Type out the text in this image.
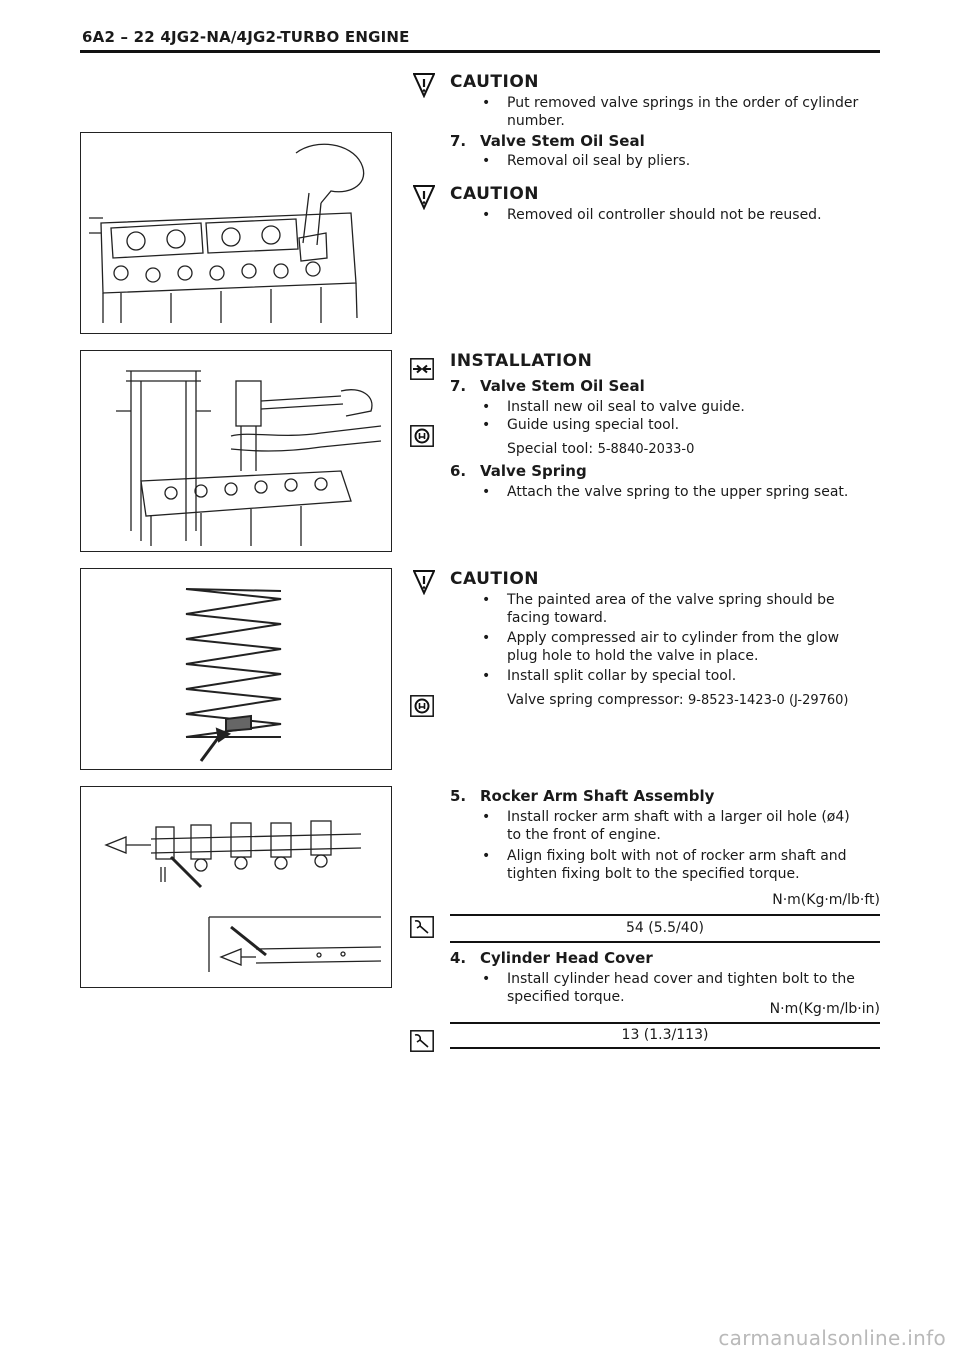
6A2 – 22 4JG2-NA/4JG2-TURBO ENGINE
CAUTION
• Put removed valve springs in the order of cylinder
number.
7. Valve Stem Oil Seal
• Removal oil seal by pliers.
CAUTION
• Removed oil controller should not be reused.
INSTALLATION
7. Valve Stem Oil Seal
• Install new oil seal to valve guide.
• Guide using special tool.
Special tool: 5-8840-2033-0
6. Valve Spring
• Attach the valve spring to the upper spring seat.
CAUTION
• The painted area of the valve spring should be
facing toward.
• Apply compressed air to cylinder from the glow
plug hole to hold the valve in place.
• Install split collar by special tool.
Valve spring compressor: 9-8523-1423-0 (J-29760)
5. Rocker Arm Shaft Assembly
• Install rocker arm shaft with a larger oil hole (ø4)
to the front of engine.
• Align fixing bolt with not of rocker arm shaft and
tighten fixing bolt to the specified torque.
N·m(Kg·m/lb·ft)
54 (5.5/40)
4. Cylinder Head Cover
• Install cylinder head cover and tighten bolt to the
specified torque.
N·m(Kg·m/lb·in)
13 (1.3/113)
carmanualsonline.info
